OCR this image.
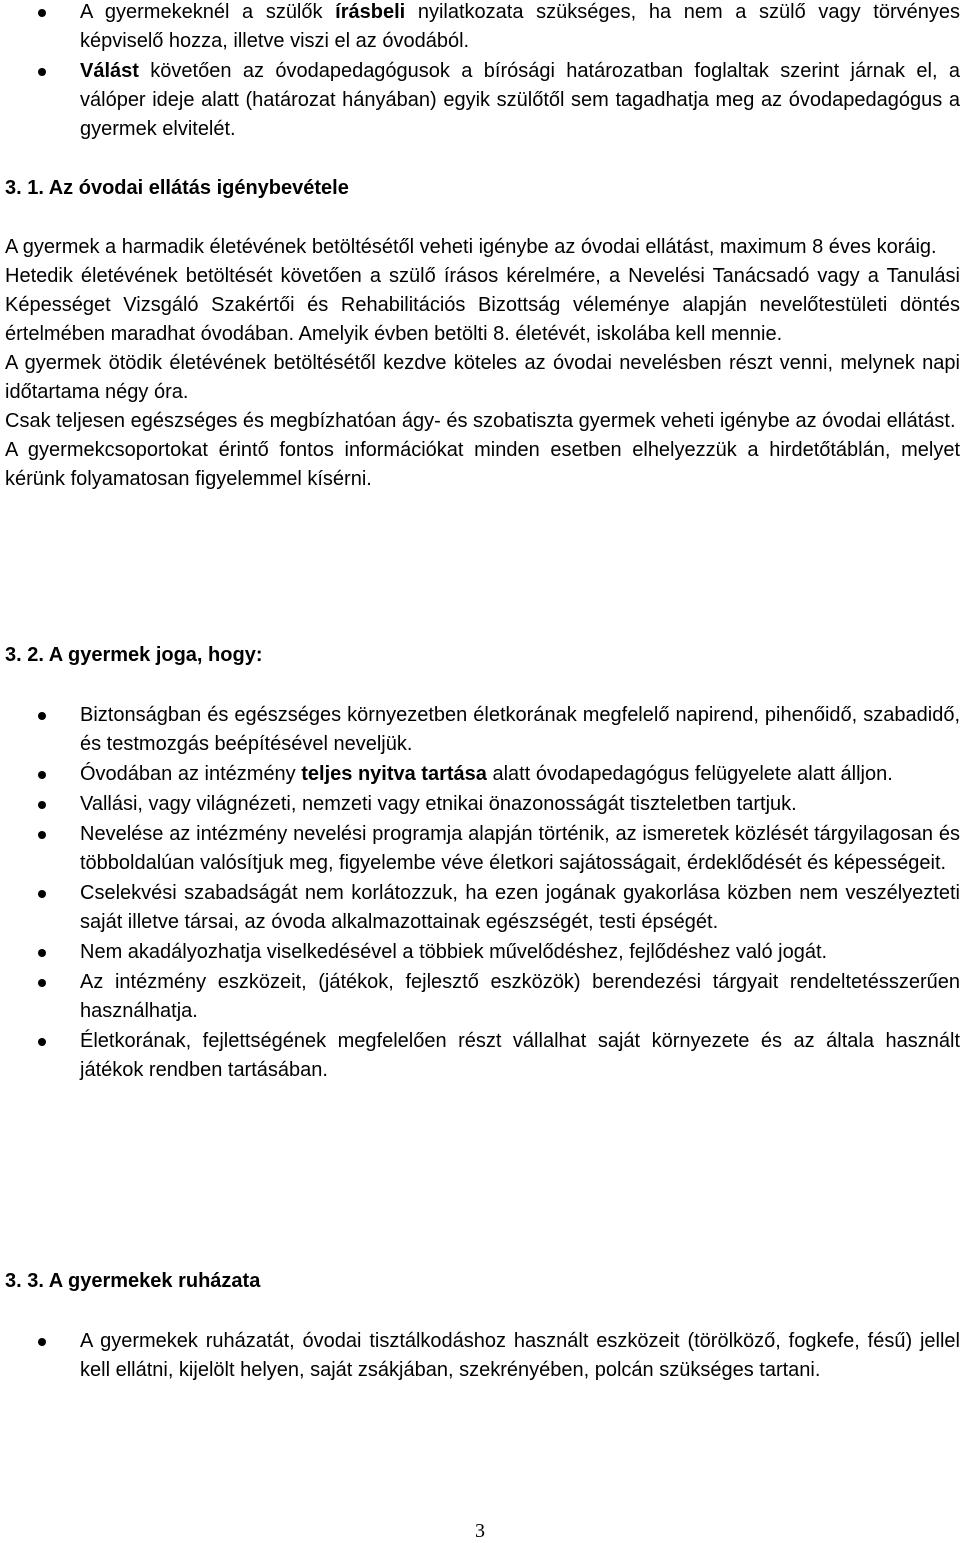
A gyermekeknél a szülők írásbeli nyilatkozata szükséges, ha nem a szülő vagy törvényes képviselő hozza, illetve viszi el az óvodából.
Válást követően az óvodapedagógusok a bírósági határozatban foglaltak szerint járnak el, a válóper ideje alatt (határozat hányában) egyik szülőtől sem tagadhatja meg az óvodapedagógus a gyermek elvitelét.

3. 1. Az óvodai ellátás igénybevétele

A gyermek a harmadik életévének betöltésétől veheti igénybe az óvodai ellátást, maximum 8 éves koráig.

Hetedik életévének betöltését követően a szülő írásos kérelmére, a Nevelési Tanácsadó vagy a Tanulási Képességet Vizsgáló Szakértői és Rehabilitációs Bizottság véleménye alapján nevelőtestületi döntés értelmében maradhat óvodában. Amelyik évben betölti 8. életévét, iskolába kell mennie.

A gyermek ötödik életévének betöltésétől kezdve köteles az óvodai nevelésben részt venni, melynek napi időtartama négy óra.

Csak teljesen egészséges és megbízhatóan ágy- és szobatiszta gyermek veheti igénybe az óvodai ellátást.

A gyermekcsoportokat érintő fontos információkat minden esetben elhelyezzük a hirdetőtáblán, melyet kérünk folyamatosan figyelemmel kísérni.

3. 2. A gyermek joga, hogy:

Biztonságban és egészséges környezetben életkorának megfelelő napirend, pihenőidő, szabadidő, és testmozgás beépítésével neveljük.
Óvodában az intézmény teljes nyitva tartása alatt óvodapedagógus felügyelete alatt álljon.
Vallási, vagy világnézeti, nemzeti vagy etnikai önazonosságát tiszteletben tartjuk.
Nevelése az intézmény nevelési programja alapján történik, az ismeretek közlését tárgyilagosan és többoldalúan valósítjuk meg, figyelembe véve életkori sajátosságait, érdeklődését és képességeit.
Cselekvési szabadságát nem korlátozzuk, ha ezen jogának gyakorlása közben nem veszélyezteti saját illetve társai, az óvoda alkalmazottainak egészségét, testi épségét.
Nem akadályozhatja viselkedésével a többiek művelődéshez, fejlődéshez való jogát.
Az intézmény eszközeit, (játékok, fejlesztő eszközök) berendezési tárgyait rendeltetésszerűen használhatja.
Életkorának, fejlettségének megfelelően részt vállalhat saját környezete és az általa használt játékok rendben tartásában.

3. 3. A gyermekek ruházata

A gyermekek ruházatát, óvodai tisztálkodáshoz használt eszközeit (törölköző, fogkefe, fésű) jellel kell ellátni, kijelölt helyen, saját zsákjában, szekrényében, polcán szükséges tartani.
3
